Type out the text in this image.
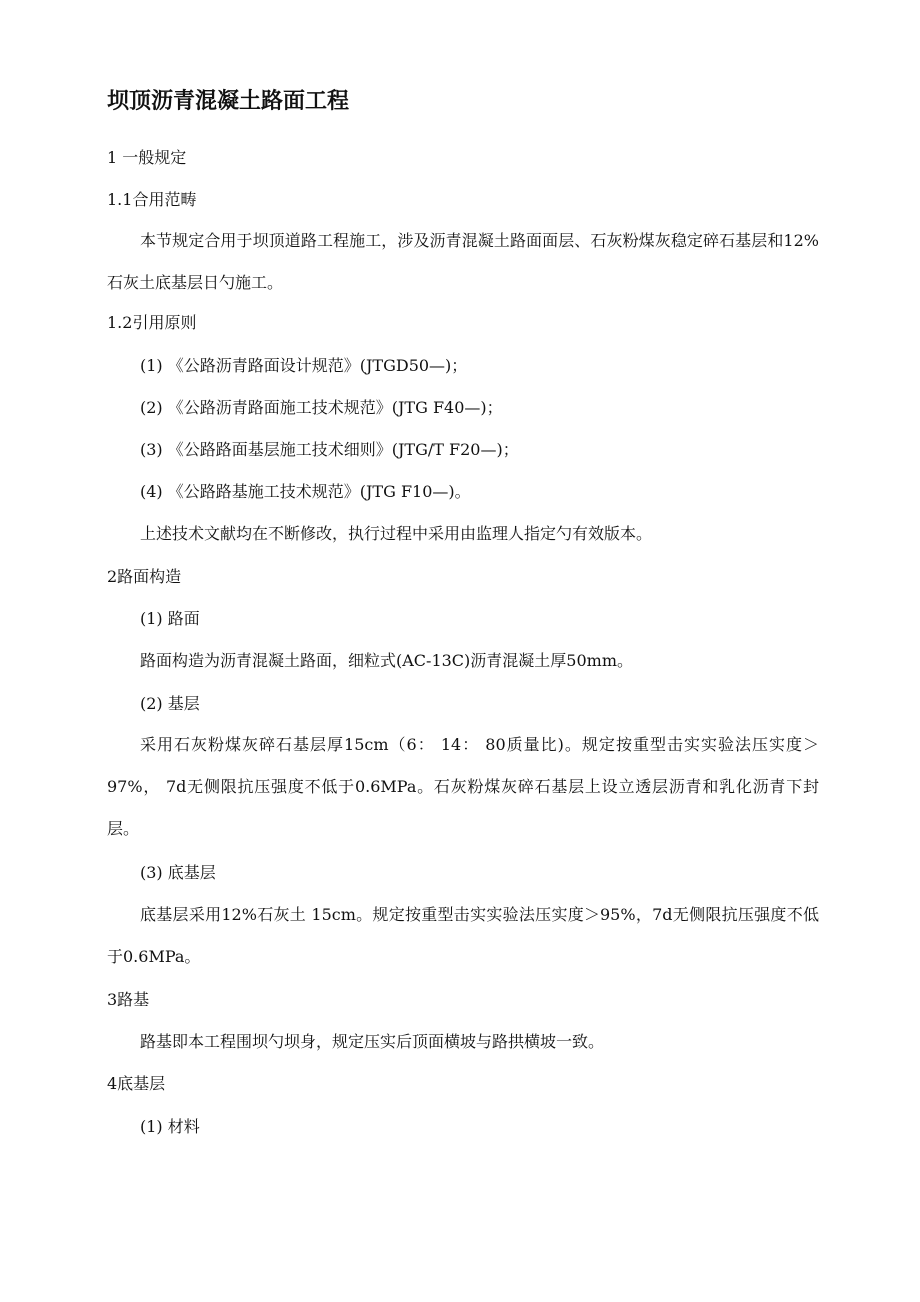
坝顶沥青混凝土路面工程
1 一般规定
1.1合用范畴
本节规定合用于坝顶道路工程施工，涉及沥青混凝土路面面层、石灰粉煤灰稳定碎石基层和12%石灰土底基层日勺施工。
1.2引用原则
(1) 《公路沥青路面设计规范》(JTGD50—)；
(2) 《公路沥青路面施工技术规范》(JTG F40—)；
(3) 《公路路面基层施工技术细则》(JTG/T F20—)；
(4) 《公路路基施工技术规范》(JTG F10—)。
上述技术文献均在不断修改，执行过程中采用由监理人指定勺有效版本。
2路面构造
(1) 路面
路面构造为沥青混凝土路面，细粒式(AC-13C)沥青混凝土厚50mm。
(2) 基层
采用石灰粉煤灰碎石基层厚15cm（6： 14： 80质量比)。规定按重型击实实验法压实度＞97%， 7d无侧限抗压强度不低于0.6MPa。石灰粉煤灰碎石基层上设立透层沥青和乳化沥青下封层。
(3) 底基层
底基层采用12%石灰土 15cm。规定按重型击实实验法压实度＞95%，7d无侧限抗压强度不低于0.6MPa。
3路基
路基即本工程围坝勺坝身，规定压实后顶面横坡与路拱横坡一致。
4底基层
(1) 材料
